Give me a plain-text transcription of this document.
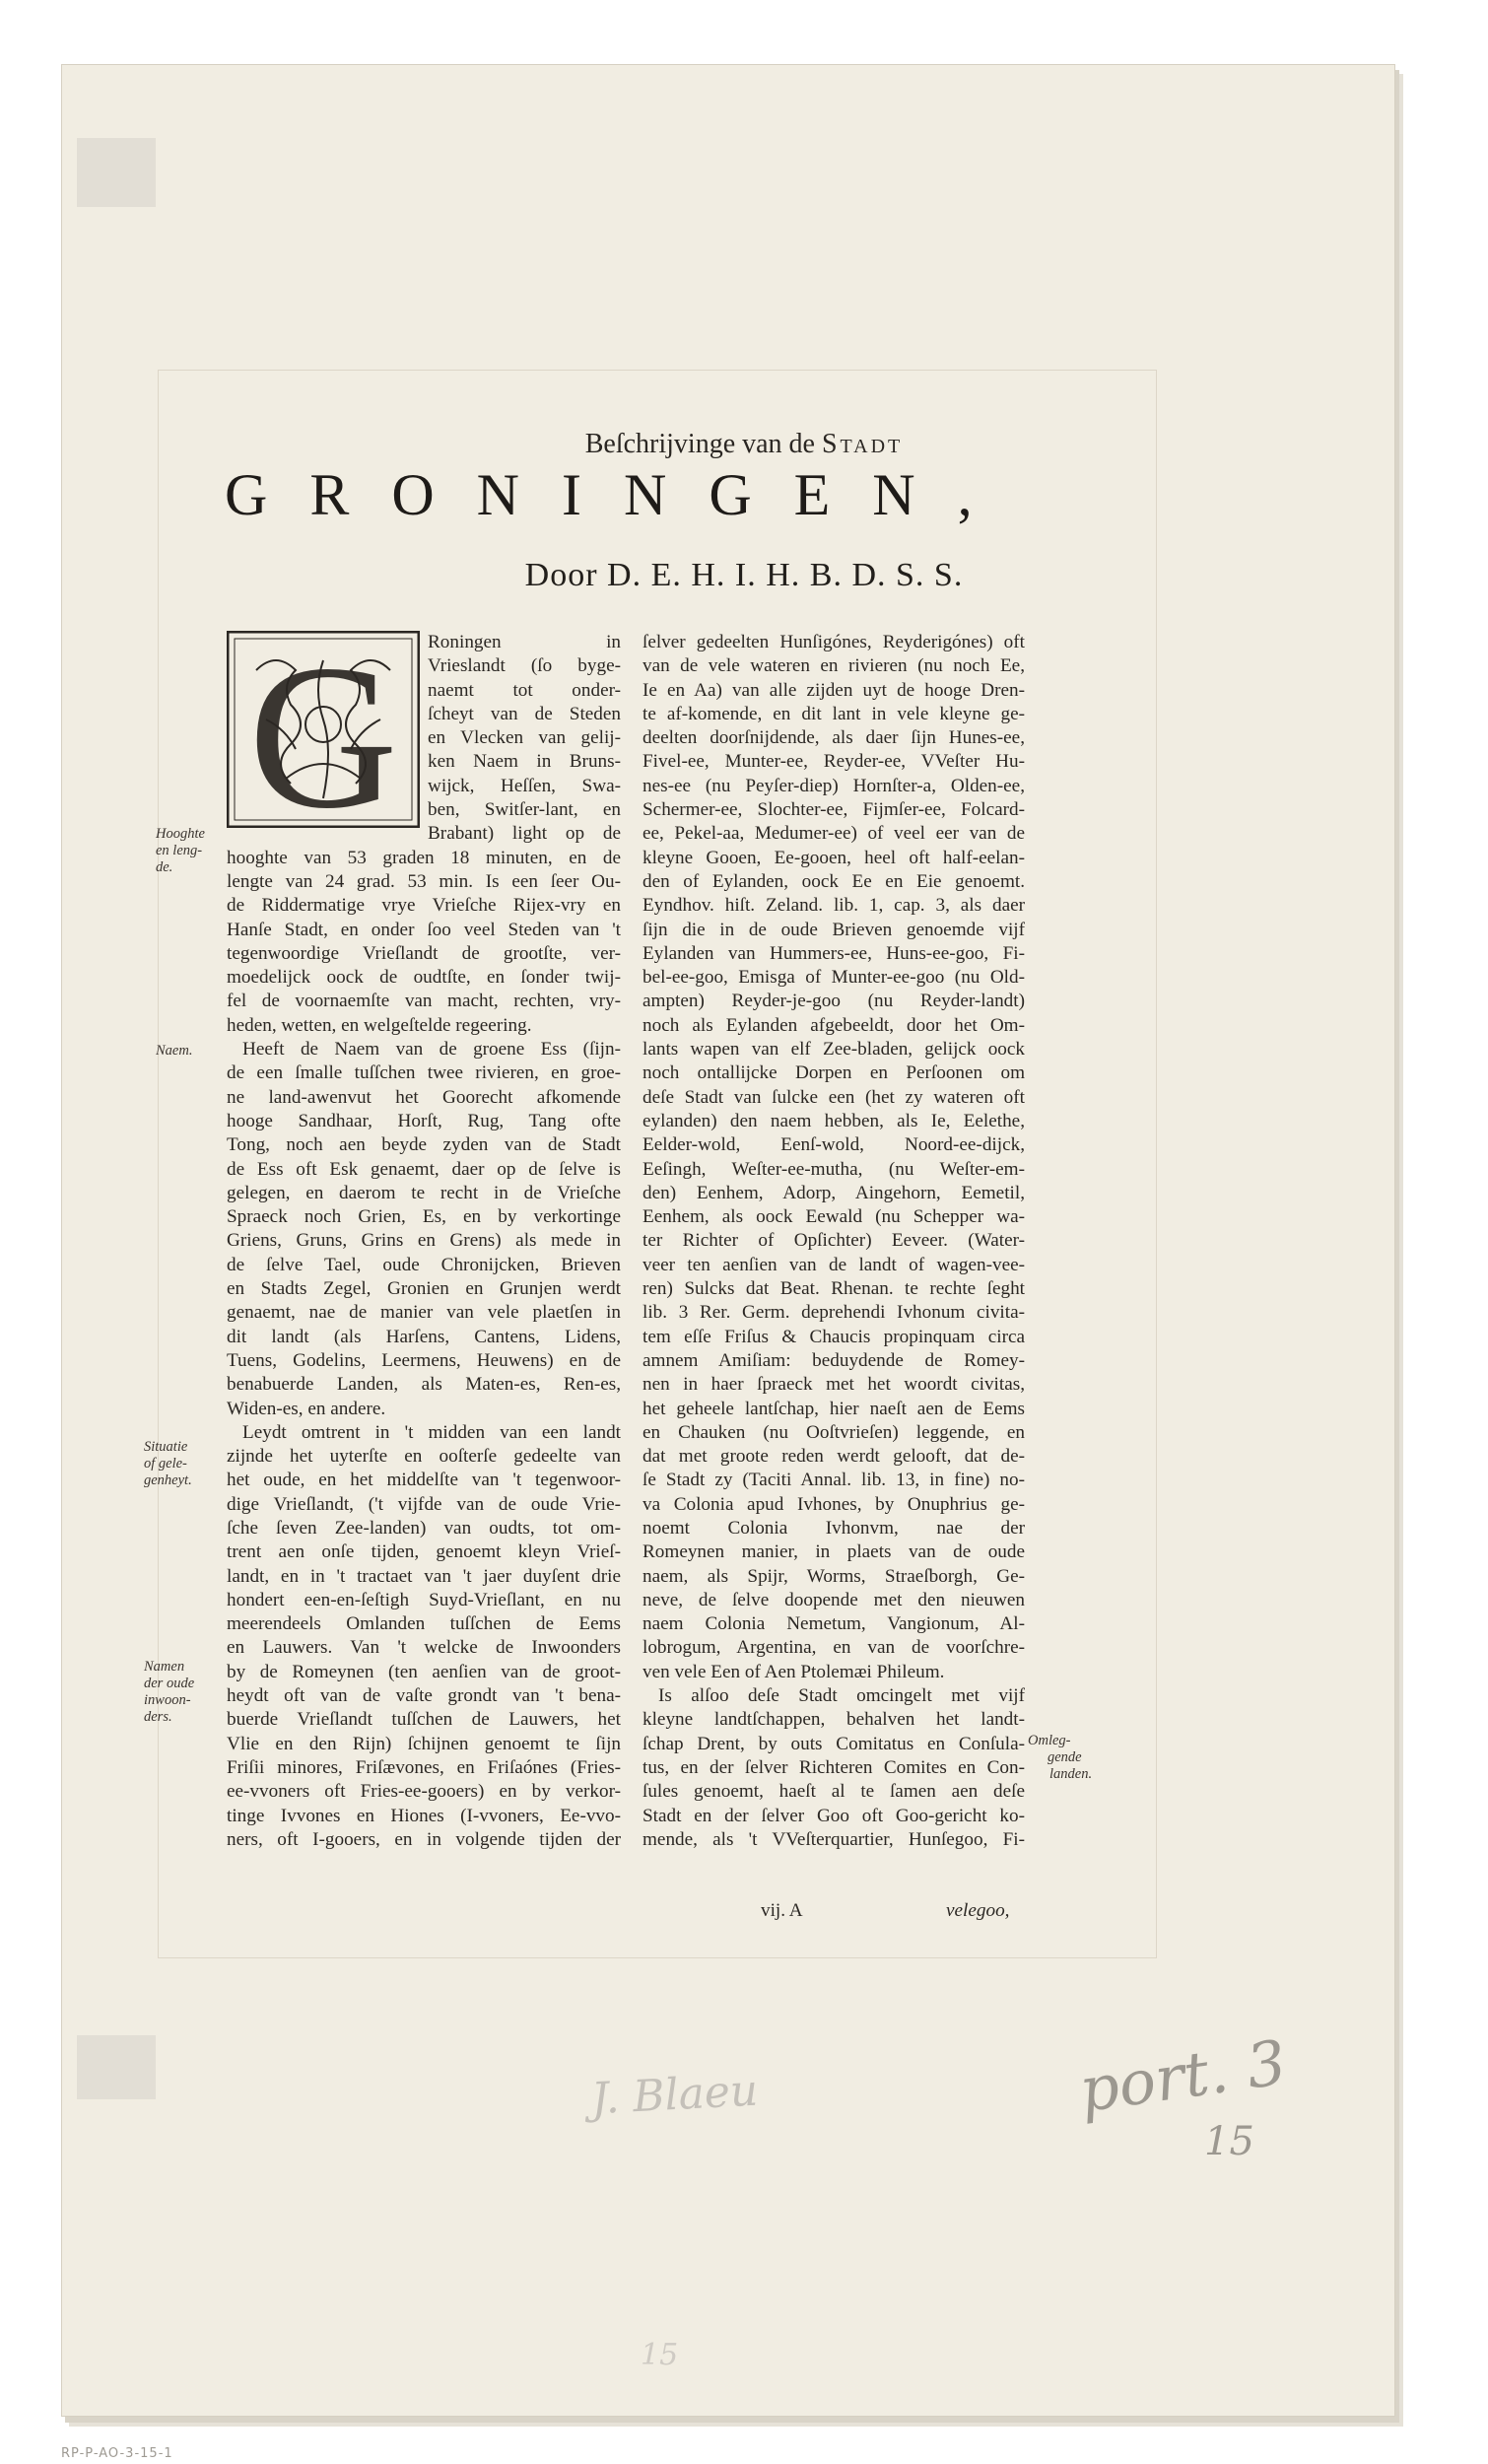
Beſchrijvinge van de Stadt
GRONINGEN,
Door D. E. H. I. H. B. D. S. S.
G Roningen in
Vrieslandt (ſo byge-
naemt tot onder-
ſcheyt van de Steden
en Vlecken van gelij-
ken Naem in Bruns-
wijck, Heſſen, Swa-
ben, Switſer-lant, en
Brabant) light op de
hooghte van 53 graden 18 minuten, en de
lengte van 24 grad. 53 min. Is een ſeer Ou-
de Riddermatige vrye Vrieſche Rijex-vry en
Hanſe Stadt, en onder ſoo veel Steden van 't
tegenwoordige Vrieſlandt de grootſte, ver-
moedelijck oock de oudtſte, en ſonder twij-
fel de voornaemſte van macht, rechten, vry-
heden, wetten, en welgeſtelde regeering.
Heeft de Naem van de groene Ess (ſijn-
de een ſmalle tuſſchen twee rivieren, en groe-
ne land-awenvut het Goorecht afkomende
hooge Sandhaar, Horſt, Rug, Tang ofte
Tong, noch aen beyde zyden van de Stadt
de Ess oft Esk genaemt, daer op de ſelve is
gelegen, en daerom te recht in de Vrieſche
Spraeck noch Grien, Es, en by verkortinge
Griens, Gruns, Grins en Grens) als mede in
de ſelve Tael, oude Chronijcken, Brieven
en Stadts Zegel, Gronien en Grunjen werdt
genaemt, nae de manier van vele plaetſen in
dit landt (als Harſens, Cantens, Lidens,
Tuens, Godelins, Leermens, Heuwens) en de
benabuerde Landen, als Maten-es, Ren-es,
Widen-es, en andere.
Leydt omtrent in 't midden van een landt
zijnde het uyterſte en ooſterſe gedeelte van
het oude, en het middelſte van 't tegenwoor-
dige Vrieſlandt, ('t vijfde van de oude Vrie-
ſche ſeven Zee-landen) van oudts, tot om-
trent aen onſe tijden, genoemt kleyn Vrieſ-
landt, en in 't tractaet van 't jaer duyſent drie
hondert een-en-ſeſtigh Suyd-Vrieſlant, en nu
meerendeels Omlanden tuſſchen de Eems
en Lauwers. Van 't welcke de Inwoonders
by de Romeynen (ten aenſien van de groot-
heydt oft van de vaſte grondt van 't bena-
buerde Vrieſlandt tuſſchen de Lauwers, het
Vlie en den Rijn) ſchijnen genoemt te ſijn
Friſii minores, Friſævones, en Friſaónes (Fries-
ee-vvoners oft Fries-ee-gooers) en by verkor-
tinge Ivvones en Hiones (I-vvoners, Ee-vvo-
ners, oft I-gooers, en in volgende tijden der
ſelver gedeelten Hunſigónes, Reyderigónes) oft
van de vele wateren en rivieren (nu noch Ee,
Ie en Aa) van alle zijden uyt de hooge Dren-
te af-komende, en dit lant in vele kleyne ge-
deelten doorſnijdende, als daer ſijn Hunes-ee,
Fivel-ee, Munter-ee, Reyder-ee, VVeſter Hu-
nes-ee (nu Peyſer-diep) Hornſter-a, Olden-ee,
Schermer-ee, Slochter-ee, Fijmſer-ee, Folcard-
ee, Pekel-aa, Medumer-ee) of veel eer van de
kleyne Gooen, Ee-gooen, heel oft half-eelan-
den of Eylanden, oock Ee en Eie genoemt.
Eyndhov. hiſt. Zeland. lib. 1, cap. 3, als daer
ſijn die in de oude Brieven genoemde vijf
Eylanden van Hummers-ee, Huns-ee-goo, Fi-
bel-ee-goo, Emisga of Munter-ee-goo (nu Old-
ampten) Reyder-je-goo (nu Reyder-landt)
noch als Eylanden afgebeeldt, door het Om-
lants wapen van elf Zee-bladen, gelijck oock
noch ontallijcke Dorpen en Perſoonen om
deſe Stadt van ſulcke een (het zy wateren oft
eylanden) den naem hebben, als Ie, Eelethe,
Eelder-wold, Eenſ-wold, Noord-ee-dijck,
Eeſingh, Weſter-ee-mutha, (nu Weſter-em-
den) Eenhem, Adorp, Aingehorn, Eemetil,
Eenhem, als oock Eewald (nu Schepper wa-
ter Richter of Opſichter) Eeveer. (Water-
veer ten aenſien van de landt of wagen-vee-
ren) Sulcks dat Beat. Rhenan. te rechte ſeght
lib. 3 Rer. Germ. deprehendi Ivhonum civita-
tem eſſe Friſus & Chaucis propinquam circa
amnem Amiſiam: beduydende de Romey-
nen in haer ſpraeck met het woordt civitas,
het geheele lantſchap, hier naeſt aen de Eems
en Chauken (nu Ooſtvrieſen) leggende, en
dat met groote reden werdt gelooft, dat de-
ſe Stadt zy (Taciti Annal. lib. 13, in fine) no-
va Colonia apud Ivhones, by Onuphrius ge-
noemt Colonia Ivhonvm, nae der
Romeynen manier, in plaets van de oude
naem, als Spijr, Worms, Straeſborgh, Ge-
neve, de ſelve doopende met den nieuwen
naem Colonia Nemetum, Vangionum, Al-
lobrogum, Argentina, en van de voorſchre-
ven vele Een of Aen Ptolemæi Phileum.
Is alſoo deſe Stadt omcingelt met vijf
kleyne landtſchappen, behalven het landt-
ſchap Drent, by outs Comitatus en Conſula-
tus, en der ſelver Richteren Comites en Con-
ſules genoemt, haeſt al te ſamen aen deſe
Stadt en der ſelver Goo oft Goo-gericht ko-
mende, als 't VVeſterquartier, Hunſegoo, Fi-
vij. A	velegoo,
Hooghte
en leng-
de.
Naem.
Situatie
of gele-
genheyt.
Namen
der oude
inwoon-
ders.
Omleg-
gende
landen.
J. Blaeu	port. 3
15
15
RP-P-AO-3-15-1
